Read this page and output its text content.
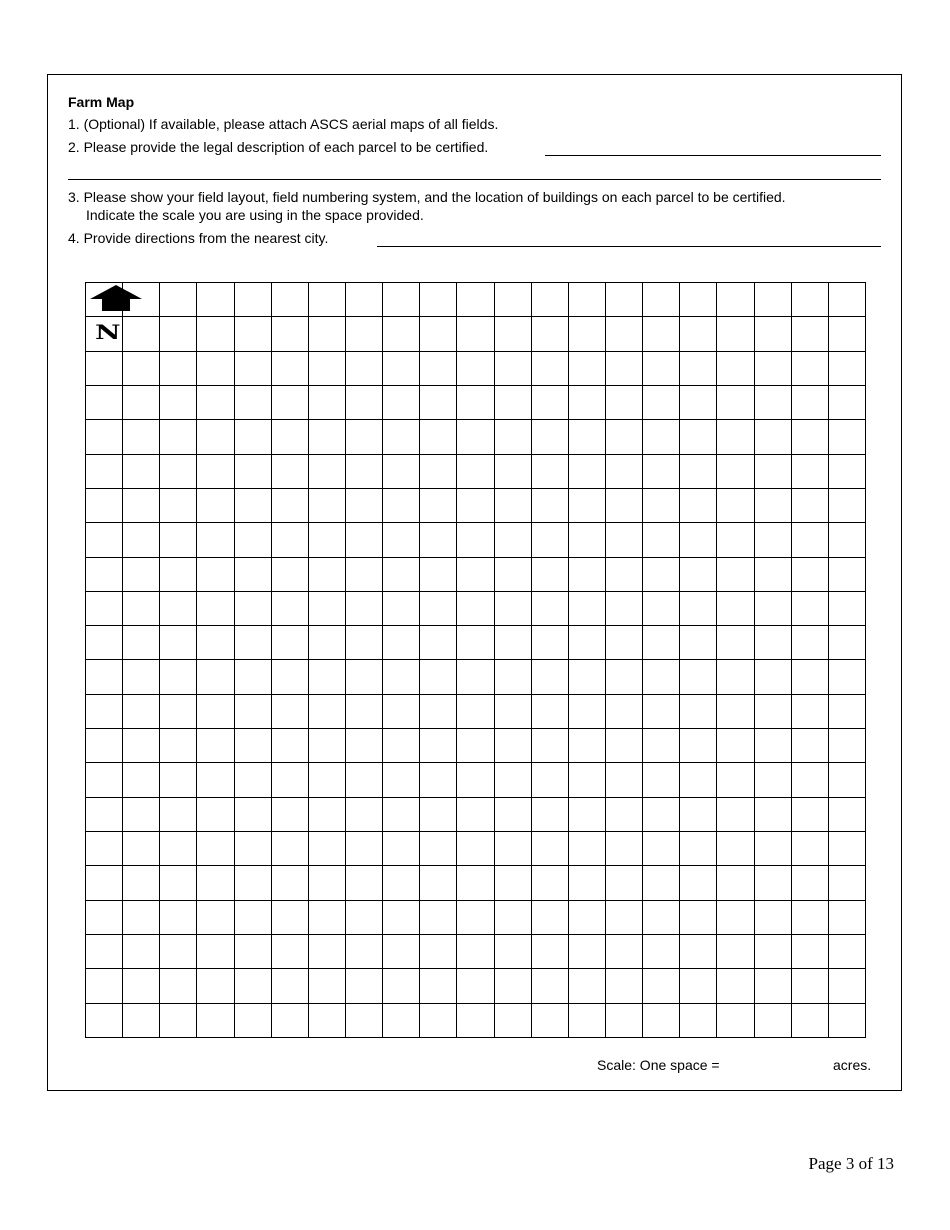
Farm Map
1. (Optional) If available, please attach ASCS aerial maps of all fields.
2. Please provide the legal description of each parcel to be certified.
3. Please show your field layout, field numbering system, and the location of buildings on each parcel to be certified.
Indicate the scale you are using in the space provided.
4. Provide directions from the nearest city.
N
Scale: One space =	acres.
Page 3 of 13
